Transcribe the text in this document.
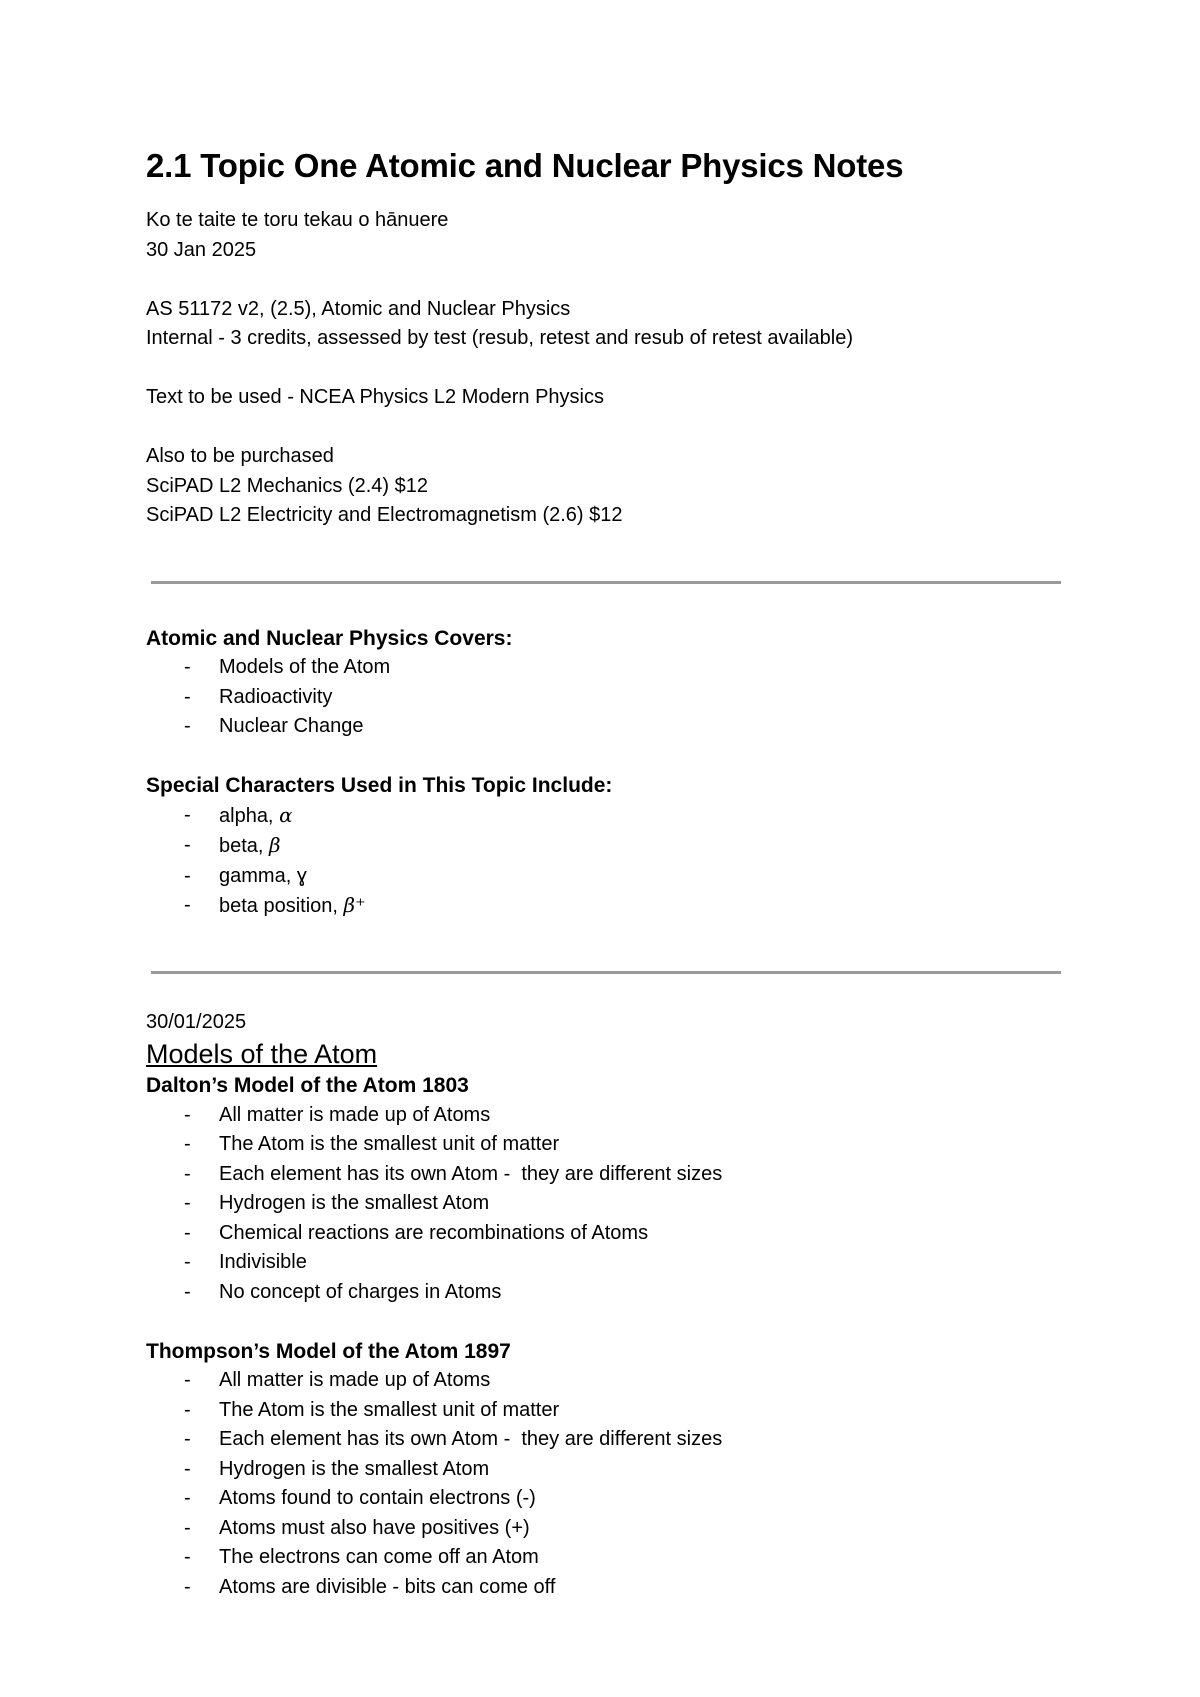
2.1 Topic One Atomic and Nuclear Physics Notes

Ko te taite te toru tekau o hānuere

30 Jan 2025

AS 51172 v2, (2.5), Atomic and Nuclear Physics

Internal - 3 credits, assessed by test (resub, retest and resub of retest available)

Text to be used - NCEA Physics L2 Modern Physics

Also to be purchased

SciPAD L2 Mechanics (2.4) $12

SciPAD L2 Electricity and Electromagnetism (2.6) $12

Atomic and Nuclear Physics Covers:

- Models of the Atom
- Radioactivity
- Nuclear Change

Special Characters Used in This Topic Include:

- alpha, α
- beta, β
- gamma, ɣ
- beta position, β⁺

30/01/2025

Models of the Atom

Dalton’s Model of the Atom 1803

- All matter is made up of Atoms
- The Atom is the smallest unit of matter
- Each element has its own Atom -  they are different sizes
- Hydrogen is the smallest Atom
- Chemical reactions are recombinations of Atoms
- Indivisible
- No concept of charges in Atoms

Thompson’s Model of the Atom 1897

- All matter is made up of Atoms
- The Atom is the smallest unit of matter
- Each element has its own Atom -  they are different sizes
- Hydrogen is the smallest Atom
- Atoms found to contain electrons (-)
- Atoms must also have positives (+)
- The electrons can come off an Atom
- Atoms are divisible - bits can come off
